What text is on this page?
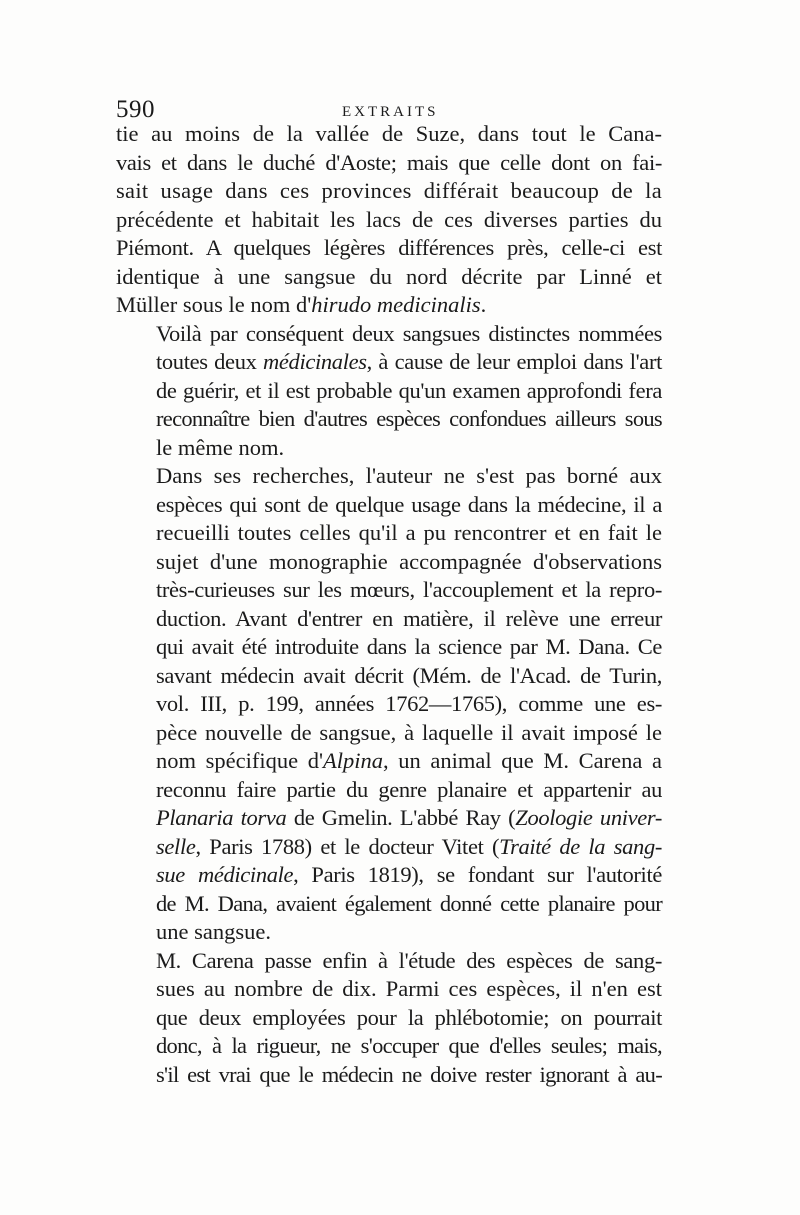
590	EXTRAITS

tie au moins de la vallée de Suze, dans tout le Cana-
vais et dans le duché d'Aoste; mais que celle dont on fai-
sait usage dans ces provinces différait beaucoup de la
précédente et habitait les lacs de ces diverses parties du
Piémont. A quelques légères différences près, celle-ci est
identique à une sangsue du nord décrite par Linné et
Müller sous le nom d'hirudo medicinalis.

Voilà par conséquent deux sangsues distinctes nommées
toutes deux médicinales, à cause de leur emploi dans l'art
de guérir, et il est probable qu'un examen approfondi fera
reconnaître bien d'autres espèces confondues ailleurs sous
le même nom.

Dans ses recherches, l'auteur ne s'est pas borné aux
espèces qui sont de quelque usage dans la médecine, il a
recueilli toutes celles qu'il a pu rencontrer et en fait le
sujet d'une monographie accompagnée d'observations
très-curieuses sur les mœurs, l'accouplement et la repro-
duction. Avant d'entrer en matière, il relève une erreur
qui avait été introduite dans la science par M. Dana. Ce
savant médecin avait décrit (Mém. de l'Acad. de Turin,
vol. III, p. 199, années 1762—1765), comme une es-
pèce nouvelle de sangsue, à laquelle il avait imposé le
nom spécifique d'Alpina, un animal que M. Carena a
reconnu faire partie du genre planaire et appartenir au
Planaria torva de Gmelin. L'abbé Ray (Zoologie univer-
selle, Paris 1788) et le docteur Vitet (Traité de la sang-
sue médicinale, Paris 1819), se fondant sur l'autorité
de M. Dana, avaient également donné cette planaire pour
une sangsue.

M. Carena passe enfin à l'étude des espèces de sang-
sues au nombre de dix. Parmi ces espèces, il n'en est
que deux employées pour la phlébotomie; on pourrait
donc, à la rigueur, ne s'occuper que d'elles seules; mais,
s'il est vrai que le médecin ne doive rester ignorant à au-
